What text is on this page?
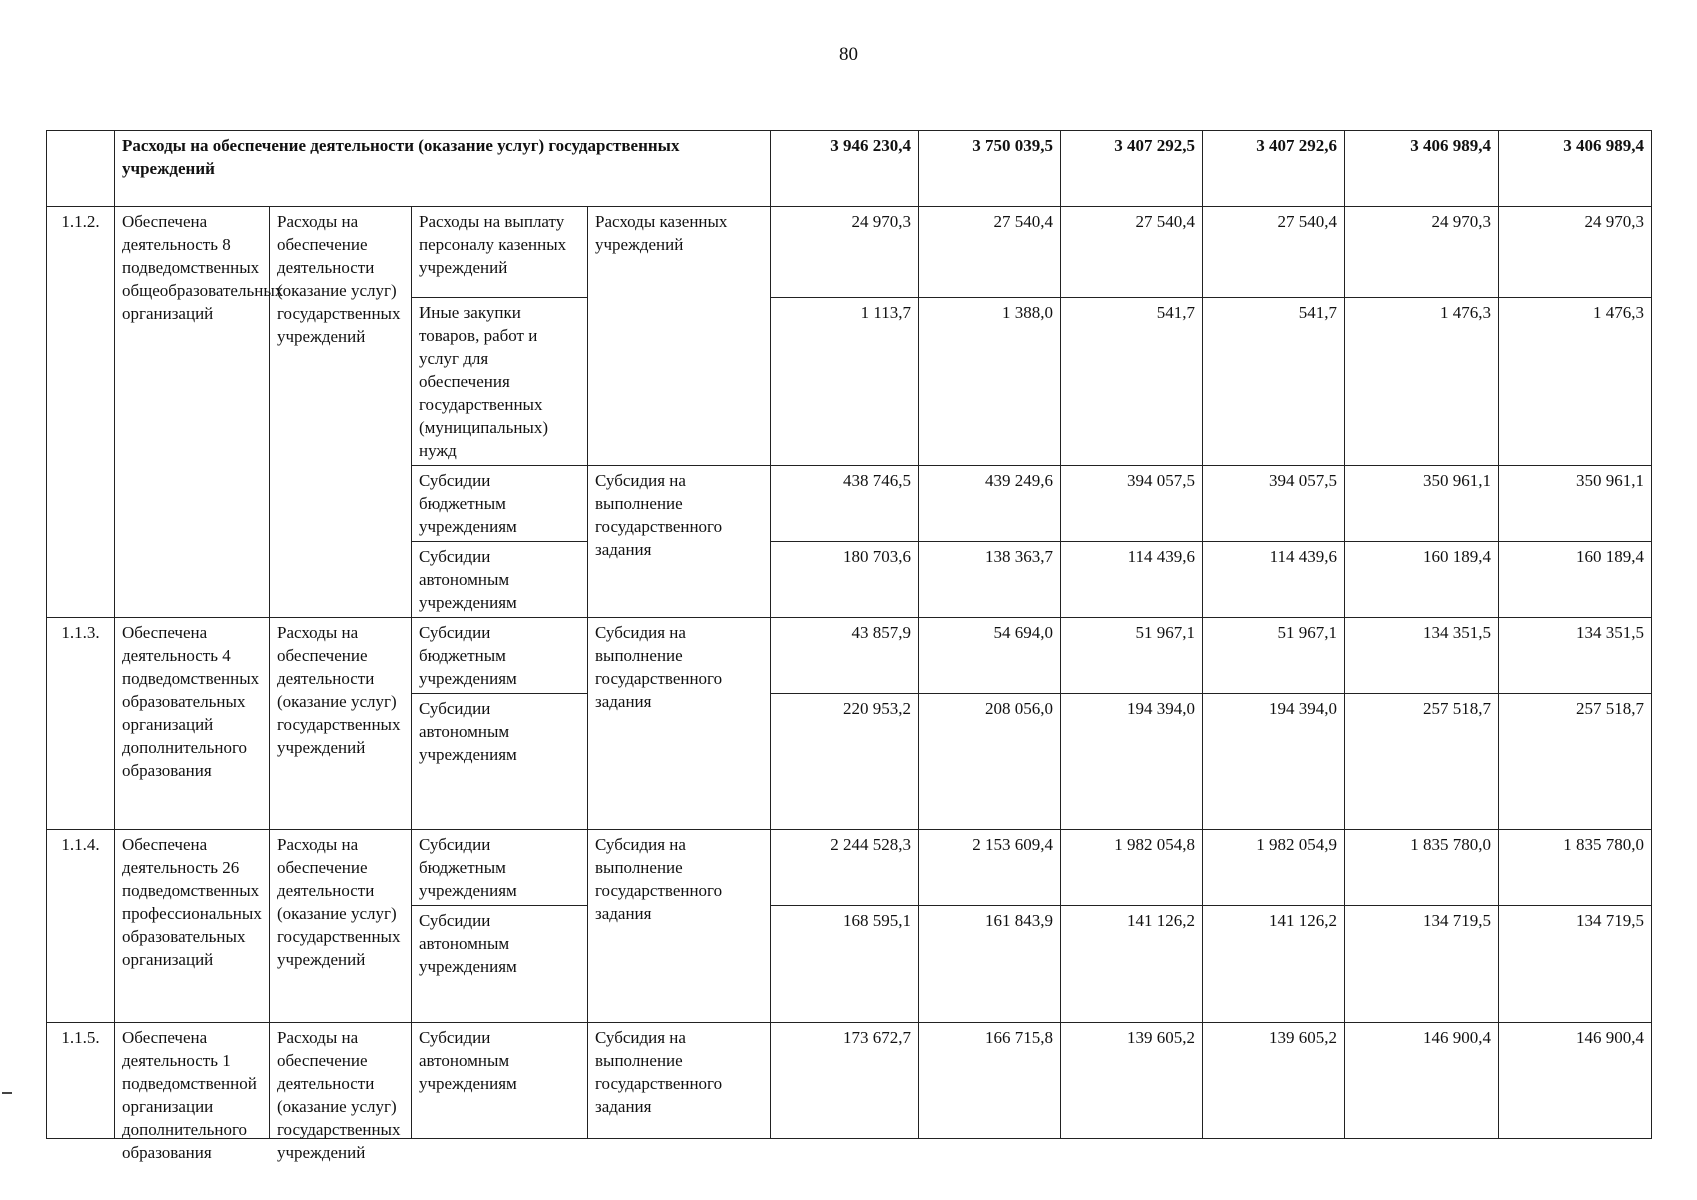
80
	Расходы на обеспечение деятельности (оказание услуг) государственных учреждений				3 946 230,4	3 750 039,5	3 407 292,5	3 407 292,6	3 406 989,4	3 406 989,4
1.1.2.	Обеспечена деятельность 8 подведомственных общеобразовательных организаций	Расходы на обеспечение деятельности (оказание услуг) государственных учреждений	Расходы на выплату персоналу казенных учреждений	Расходы казенных учреждений	24 970,3	27 540,4	27 540,4	27 540,4	24 970,3	24 970,3
			Иные закупки товаров, работ и услуг для обеспечения государственных (муниципальных) нужд		1 113,7	1 388,0	541,7	541,7	1 476,3	1 476,3
			Субсидии бюджетным учреждениям	Субсидия на выполнение государственного задания	438 746,5	439 249,6	394 057,5	394 057,5	350 961,1	350 961,1
			Субсидии автономным учреждениям		180 703,6	138 363,7	114 439,6	114 439,6	160 189,4	160 189,4
1.1.3.	Обеспечена деятельность 4 подведомственных образовательных организаций дополнительного образования	Расходы на обеспечение деятельности (оказание услуг) государственных учреждений	Субсидии бюджетным учреждениям	Субсидия на выполнение государственного задания	43 857,9	54 694,0	51 967,1	51 967,1	134 351,5	134 351,5
			Субсидии автономным учреждениям		220 953,2	208 056,0	194 394,0	194 394,0	257 518,7	257 518,7
1.1.4.	Обеспечена деятельность 26 подведомственных профессиональных образовательных организаций	Расходы на обеспечение деятельности (оказание услуг) государственных учреждений	Субсидии бюджетным учреждениям	Субсидия на выполнение государственного задания	2 244 528,3	2 153 609,4	1 982 054,8	1 982 054,9	1 835 780,0	1 835 780,0
			Субсидии автономным учреждениям		168 595,1	161 843,9	141 126,2	141 126,2	134 719,5	134 719,5
1.1.5.	Обеспечена деятельность 1 подведомственной организации дополнительного образования	Расходы на обеспечение деятельности (оказание услуг) государственных учреждений	Субсидии автономным учреждениям	Субсидия на выполнение государственного задания	173 672,7	166 715,8	139 605,2	139 605,2	146 900,4	146 900,4
